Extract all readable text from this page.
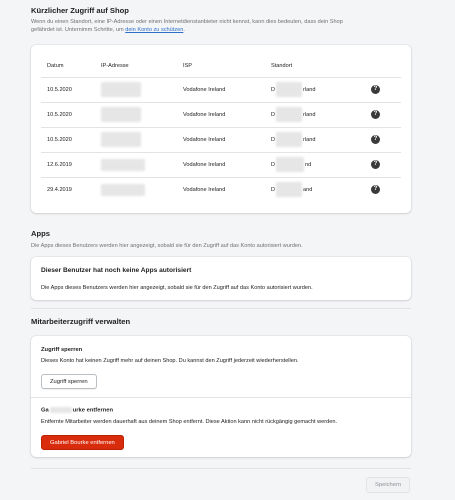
Kürzlicher Zugriff auf Shop
Wenn du einen Standort, eine IP-Adresse oder einen Internetdienstanbieter nicht kennst, kann dies bedeuten, dass dein Shop
gefährdet ist. Unternimm Schritte, um dein Konto zu schützen.
Datum	IP-Adresse	ISP	Standort	
10.5.2020		Vodafone Ireland	D rland	?
10.5.2020		Vodafone Ireland	D rland	?
10.5.2020		Vodafone Ireland	D rland	?
12.6.2019		Vodafone Ireland	D nd	?
29.4.2019		Vodafone Ireland	D and	?
Apps
Die Apps dieses Benutzers werden hier angezeigt, sobald sie für den Zugriff auf das Konto autorisiert wurden.
Dieser Benutzer hat noch keine Apps autorisiert
Die Apps dieses Benutzers werden hier angezeigt, sobald sie für den Zugriff auf das Konto autorisiert wurden.
Mitarbeiterzugriff verwalten
Zugriff sperren
Dieses Konto hat keinen Zugriff mehr auf deinen Shop. Du kannst den Zugriff jederzeit wiederherstellen.
Zugriff sperren
Ga	urke entfernen
Entfernte Mitarbeiter werden dauerhaft aus deinem Shop entfernt. Diese Aktion kann nicht rückgängig gemacht werden.
Gabriel Bourke entfernen
Speichern
